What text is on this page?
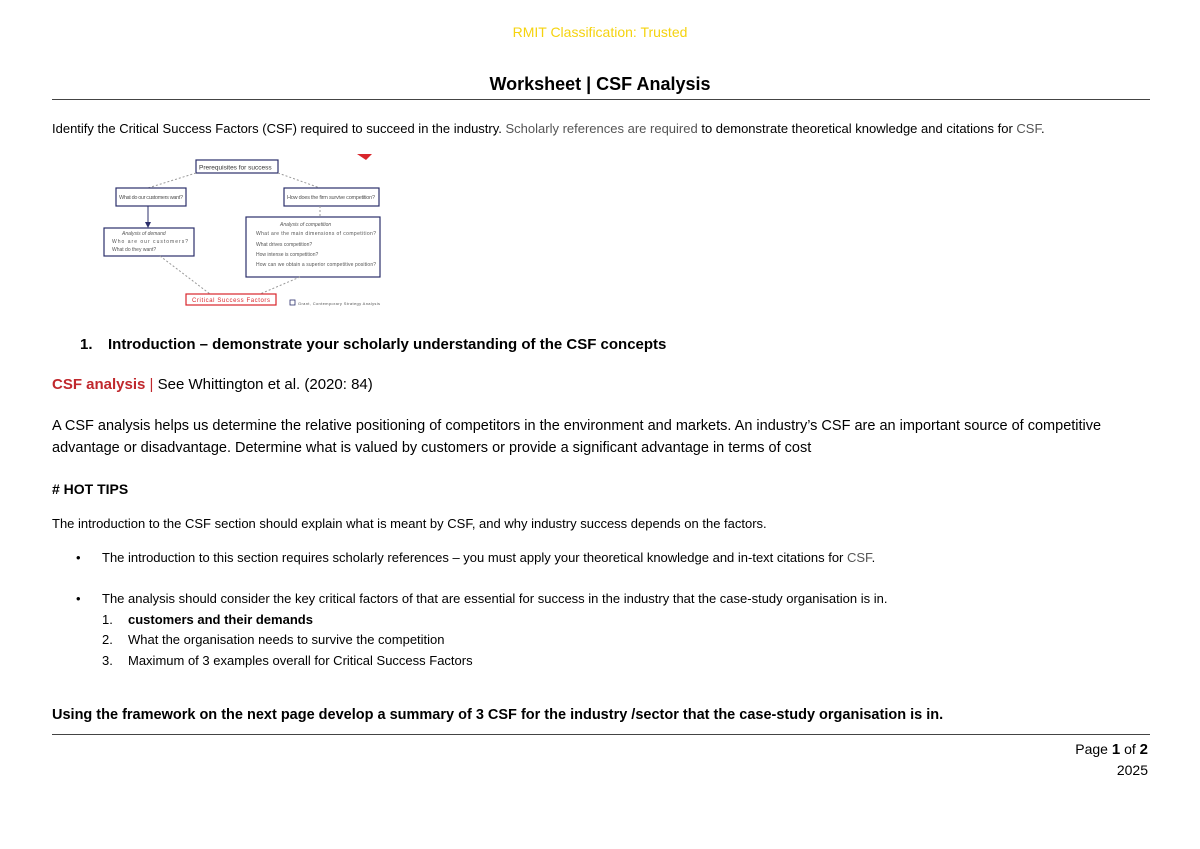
RMIT Classification: Trusted
Worksheet | CSF Analysis
Identify the Critical Success Factors (CSF) required to succeed in the industry. Scholarly references are required to demonstrate theoretical knowledge and citations for CSF.
Prerequisites for success
What do our customers want?	How does the firm survive competition?
Analysis of demand
Who are our customers?
What do they want?
Analysis of competition
What are the main dimensions of competition?
What drives competition?
How intense is competition?
How can we obtain a superior competitive position?
Critical Success Factors	Grant, Contemporary Strategy Analysis
1. Introduction – demonstrate your scholarly understanding of the CSF concepts
CSF analysis | See Whittington et al. (2020: 84)
A CSF analysis helps us determine the relative positioning of competitors in the environment and markets. An industry’s CSF are an important source of competitive advantage or disadvantage. Determine what is valued by customers or provide a significant advantage in terms of cost
# HOT TIPS
The introduction to the CSF section should explain what is meant by CSF, and why industry success depends on the factors.
• The introduction to this section requires scholarly references – you must apply your theoretical knowledge and in-text citations for CSF.
• The analysis should consider the key critical factors of that are essential for success in the industry that the case-study organisation is in.
1. customers and their demands
2. What the organisation needs to survive the competition
3. Maximum of 3 examples overall for Critical Success Factors
Using the framework on the next page develop a summary of 3 CSF for the industry /sector that the case-study organisation is in.
Page 1 of 2
2025
